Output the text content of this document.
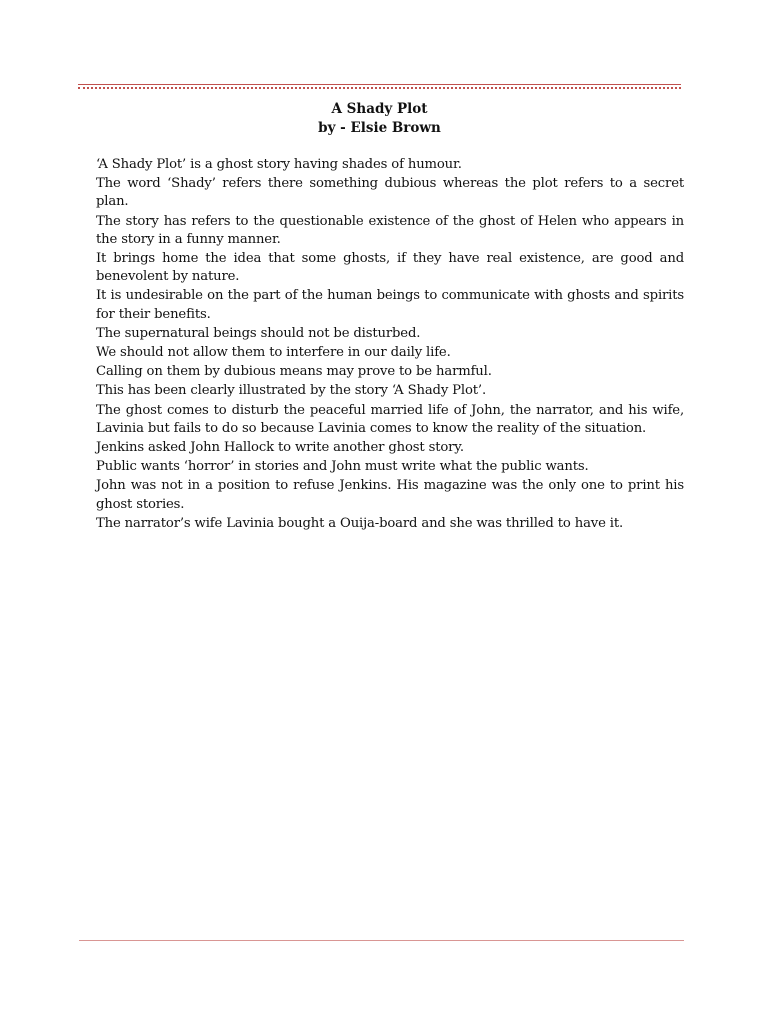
A Shady Plot
by - Elsie Brown

‘A Shady Plot’ is a ghost story having shades of humour.

The word ‘Shady’ refers there something dubious whereas the plot refers to a secret plan.

The story has refers to the questionable existence of the ghost of Helen who appears in the story in a funny manner.

It brings home the idea that some ghosts, if they have real existence, are good and benevolent by nature.

It is undesirable on the part of the human beings to communicate with ghosts and spirits for their benefits.

The supernatural beings should not be disturbed.

We should not allow them to interfere in our daily life.

Calling on them by dubious means may prove to be harmful.

This has been clearly illustrated by the story ‘A Shady Plot’.

The ghost comes to disturb the peaceful married life of John, the narrator, and his wife, Lavinia but fails to do so because Lavinia comes to know the reality of the situation.

Jenkins asked John Hallock to write another ghost story.

Public wants ‘horror’ in stories and John must write what the public wants.

John was not in a position to refuse Jenkins. His magazine was the only one to print his ghost stories.

The narrator’s wife Lavinia bought a Ouija-board and she was thrilled to have it.
